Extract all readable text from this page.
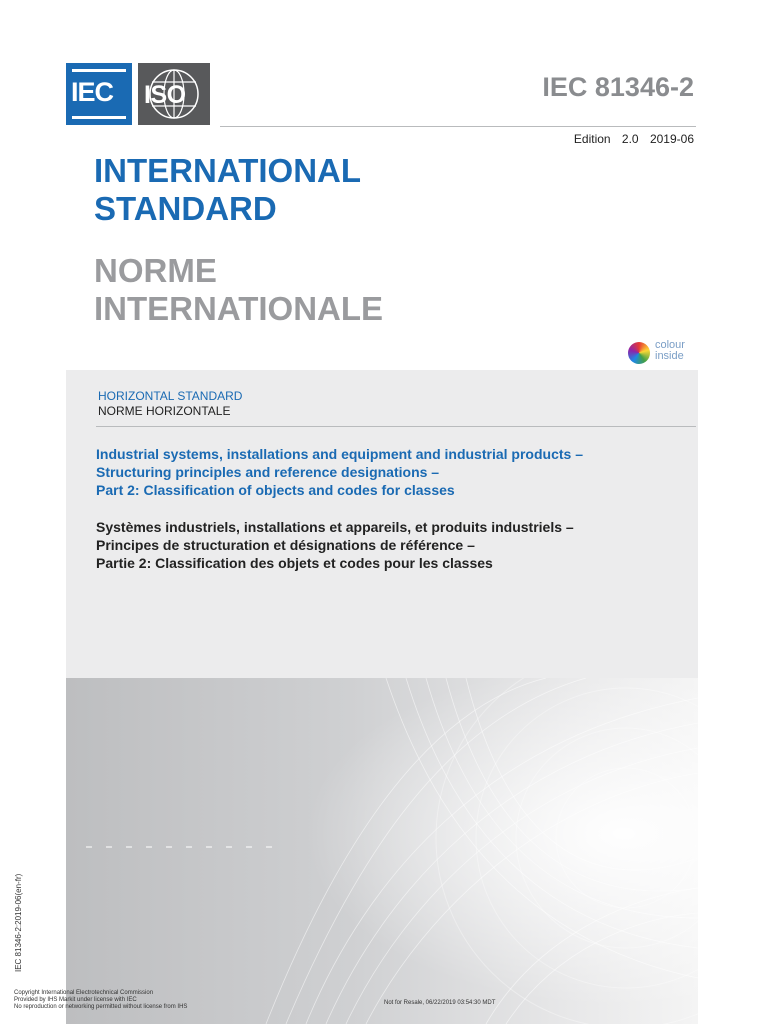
IEC ISO	IEC 81346-2
Edition 2.0 2019-06
INTERNATIONAL
STANDARD
NORME
INTERNATIONALE
colour
inside
HORIZONTAL STANDARD
NORME HORIZONTALE
Industrial systems, installations and equipment and industrial products –
Structuring principles and reference designations –
Part 2: Classification of objects and codes for classes
Systèmes industriels, installations et appareils, et produits industriels –
Principes de structuration et désignations de référence –
Partie 2: Classification des objets et codes pour les classes
IEC 81346-2:2019-06(en-fr)
Copyright International Electrotechnical Commission
Provided by IHS Markit under license with IEC
No reproduction or networking permitted without license from IHS
Not for Resale, 06/22/2019 03:54:30 MDT
